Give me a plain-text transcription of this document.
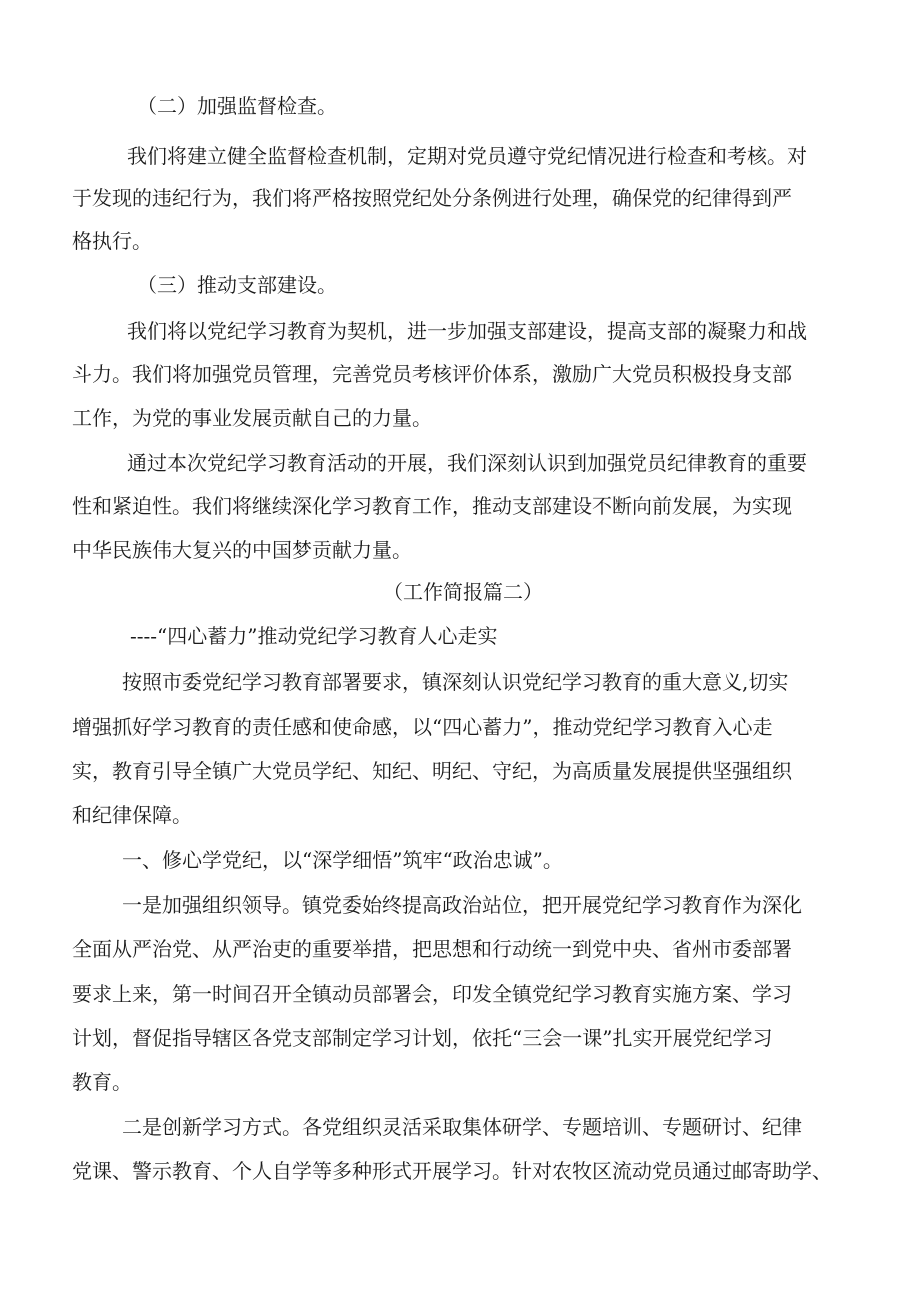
（二）加强监督检查。
我们将建立健全监督检查机制，定期对党员遵守党纪情况进行检查和考核。对
于发现的违纪行为，我们将严格按照党纪处分条例进行处理，确保党的纪律得到严
格执行。
（三）推动支部建设。
我们将以党纪学习教育为契机，进一步加强支部建设，提高支部的凝聚力和战
斗力。我们将加强党员管理，完善党员考核评价体系，激励广大党员积极投身支部
工作，为党的事业发展贡献自己的力量。
通过本次党纪学习教育活动的开展，我们深刻认识到加强党员纪律教育的重要
性和紧迫性。我们将继续深化学习教育工作，推动支部建设不断向前发展，为实现
中华民族伟大复兴的中国梦贡献力量。
（工作简报篇二）
----“四心蓄力”推动党纪学习教育人心走实
按照市委党纪学习教育部署要求，镇深刻认识党纪学习教育的重大意义,切实
增强抓好学习教育的责任感和使命感，以“四心蓄力”，推动党纪学习教育入心走
实，教育引导全镇广大党员学纪、知纪、明纪、守纪，为高质量发展提供坚强组织
和纪律保障。
一、修心学党纪，以“深学细悟”筑牢“政治忠诚”。
一是加强组织领导。镇党委始终提高政治站位，把开展党纪学习教育作为深化
全面从严治党、从严治吏的重要举措，把思想和行动统一到党中央、省州市委部署
要求上来，第一时间召开全镇动员部署会，印发全镇党纪学习教育实施方案、学习
计划，督促指导辖区各党支部制定学习计划，依托“三会一课”扎实开展党纪学习
教育。
二是创新学习方式。各党组织灵活采取集体研学、专题培训、专题研讨、纪律
党课、警示教育、个人自学等多种形式开展学习。针对农牧区流动党员通过邮寄助学、
